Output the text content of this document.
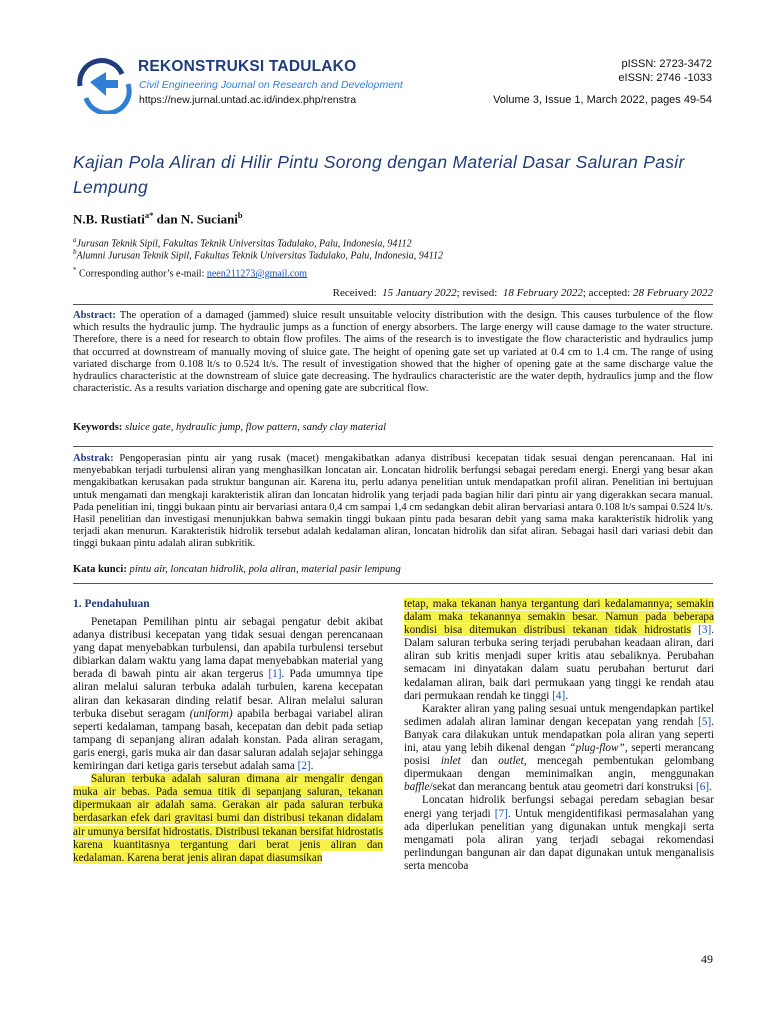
REKONSTRUKSI TADULAKO
Civil Engineering Journal on Research and Development
https://new.jurnal.untad.ac.id/index.php/renstra
pISSN: 2723-3472
eISSN: 2746 -1033
Volume 3, Issue 1, March 2022, pages 49-54
Kajian Pola Aliran di Hilir Pintu Sorong dengan Material Dasar Saluran Pasir Lempung
N.B. Rustiati$^{a*}$ dan N. Suciani$^b$
$^a$Jurusan Teknik Sipil, Fakultas Teknik Universitas Tadulako, Palu, Indonesia, 94112
$^b$Alumni Jurusan Teknik Sipil, Fakultas Teknik Universitas Tadulako, Palu, Indonesia, 94112
* Corresponding author’s e-mail: neen211273@gmail.com
Received: 15 January 2022; revised: 18 February 2022; accepted: 28 February 2022
Abstract: The operation of a damaged (jammed) sluice result unsuitable velocity distribution with the design. This causes turbulence of the flow which results the hydraulic jump. The hydraulic jumps as a function of energy absorbers. The large energy will cause damage to the water structure. Therefore, there is a need for research to obtain flow profiles. The aims of the research is to investigate the flow characteristic and hydraulics jump that occurred at downstream of manually moving of sluice gate. The height of opening gate set up variated at 0.4 cm to 1.4 cm. The range of using variated discharge from 0.108 lt/s to 0.524 lt/s. The result of investigation showed that the higher of opening gate at the same discharge value the hydraulics characteristic at the downstream of sluice gate decreasing. The hydraulics characteristic are the water depth, hydraulics jump and the flow characteristic. As a results variation discharge and opening gate are subcritical flow.
Keywords: sluice gate, hydraulic jump, flow pattern, sandy clay material
Abstrak: Pengoperasian pintu air yang rusak (macet) mengakibatkan adanya distribusi kecepatan tidak sesuai dengan perencanaan. Hal ini menyebabkan terjadi turbulensi aliran yang menghasilkan loncatan air. Loncatan hidrolik berfungsi sebagai peredam energi. Energi yang besar akan mengakibatkan kerusakan pada struktur bangunan air. Karena itu, perlu adanya penelitian untuk mendapatkan profil aliran. Penelitian ini bertujuan untuk mengamati dan mengkaji karakteristik aliran dan loncatan hidrolik yang terjadi pada bagian hilir dari pintu air yang digerakkan secara manual. Pada penelitian ini, tinggi bukaan pintu air bervariasi antara 0,4 cm sampai 1,4 cm sedangkan debit aliran bervariasi antara 0.108 lt/s sampai 0.524 lt/s. Hasil penelitian dan investigasi menunjukkan bahwa semakin tinggi bukaan pintu pada besaran debit yang sama maka karakteristik hidrolik yang terjadi akan menurun. Karakteristik hidrolik tersebut adalah kedalaman aliran, loncatan hidrolik dan sifat aliran. Sebagai hasil dari variasi debit dan tinggi bukaan pintu adalah aliran subkritik.
Kata kunci: pintu air, loncatan hidrolik, pola aliran, material pasir lempung
1. Pendahuluan

Penetapan Pemilihan pintu air sebagai pengatur debit akibat adanya distribusi kecepatan yang tidak sesuai dengan perencanaan yang dapat menyebabkan turbulensi, dan apabila turbulensi tersebut dibiarkan dalam waktu yang lama dapat menyebabkan material yang berada di bawah pintu air akan tergerus [1]. Pada umumnya tipe aliran melalui saluran terbuka adalah turbulen, karena kecepatan aliran dan kekasaran dinding relatif besar. Aliran melalui saluran terbuka disebut seragam (uniform) apabila berbagai variabel aliran seperti kedalaman, tampang basah, kecepatan dan debit pada setiap tampang di sepanjang aliran adalah konstan. Pada aliran seragam, garis energi, garis muka air dan dasar saluran adalah sejajar sehingga kemiringan dari ketiga garis tersebut adalah sama [2].

Saluran terbuka adalah saluran dimana air mengalir dengan muka air bebas. Pada semua titik di sepanjang saluran, tekanan dipermukaan air adalah sama. Gerakan air pada saluran terbuka berdasarkan efek dari gravitasi bumi dan distribusi tekanan didalam air umunya bersifat hidrostatis. Distribusi tekanan bersifat hidrostatis karena kuantitasnya tergantung dari berat jenis aliran dan kedalaman. Karena berat jenis aliran dapat diasumsikan

tetap, maka tekanan hanya tergantung dari kedalamannya; semakin dalam maka tekanannya semakin besar. Namun pada beberapa kondisi bisa ditemukan distribusi tekanan tidak hidrostatis [3]. Dalam saluran terbuka sering terjadi perubahan keadaan aliran, dari aliran sub kritis menjadi super kritis atau sebaliknya. Perubahan semacam ini dinyatakan dalam suatu perubahan berturut dari kedalaman aliran, baik dari permukaan yang tinggi ke rendah atau dari permukaan rendah ke tinggi [4].

Karakter aliran yang paling sesuai untuk mengendapkan partikel sedimen adalah aliran laminar dengan kecepatan yang rendah [5]. Banyak cara dilakukan untuk mendapatkan pola aliran yang seperti ini, atau yang lebih dikenal dengan “plug-flow”, seperti merancang posisi inlet dan outlet, mencegah pembentukan gelombang dipermukaan dengan meminimalkan angin, menggunakan baffle/sekat dan merancang bentuk atau geometri dari konstruksi [6].

Loncatan hidrolik berfungsi sebagai peredam sebagian besar energi yang terjadi [7]. Untuk mengidentifikasi permasalahan yang ada diperlukan penelitian yang digunakan untuk mengkaji serta mengamati pola aliran yang terjadi sebagai rekomendasi perlindungan bangunan air dan dapat digunakan untuk menganalisis serta mencoba

49
